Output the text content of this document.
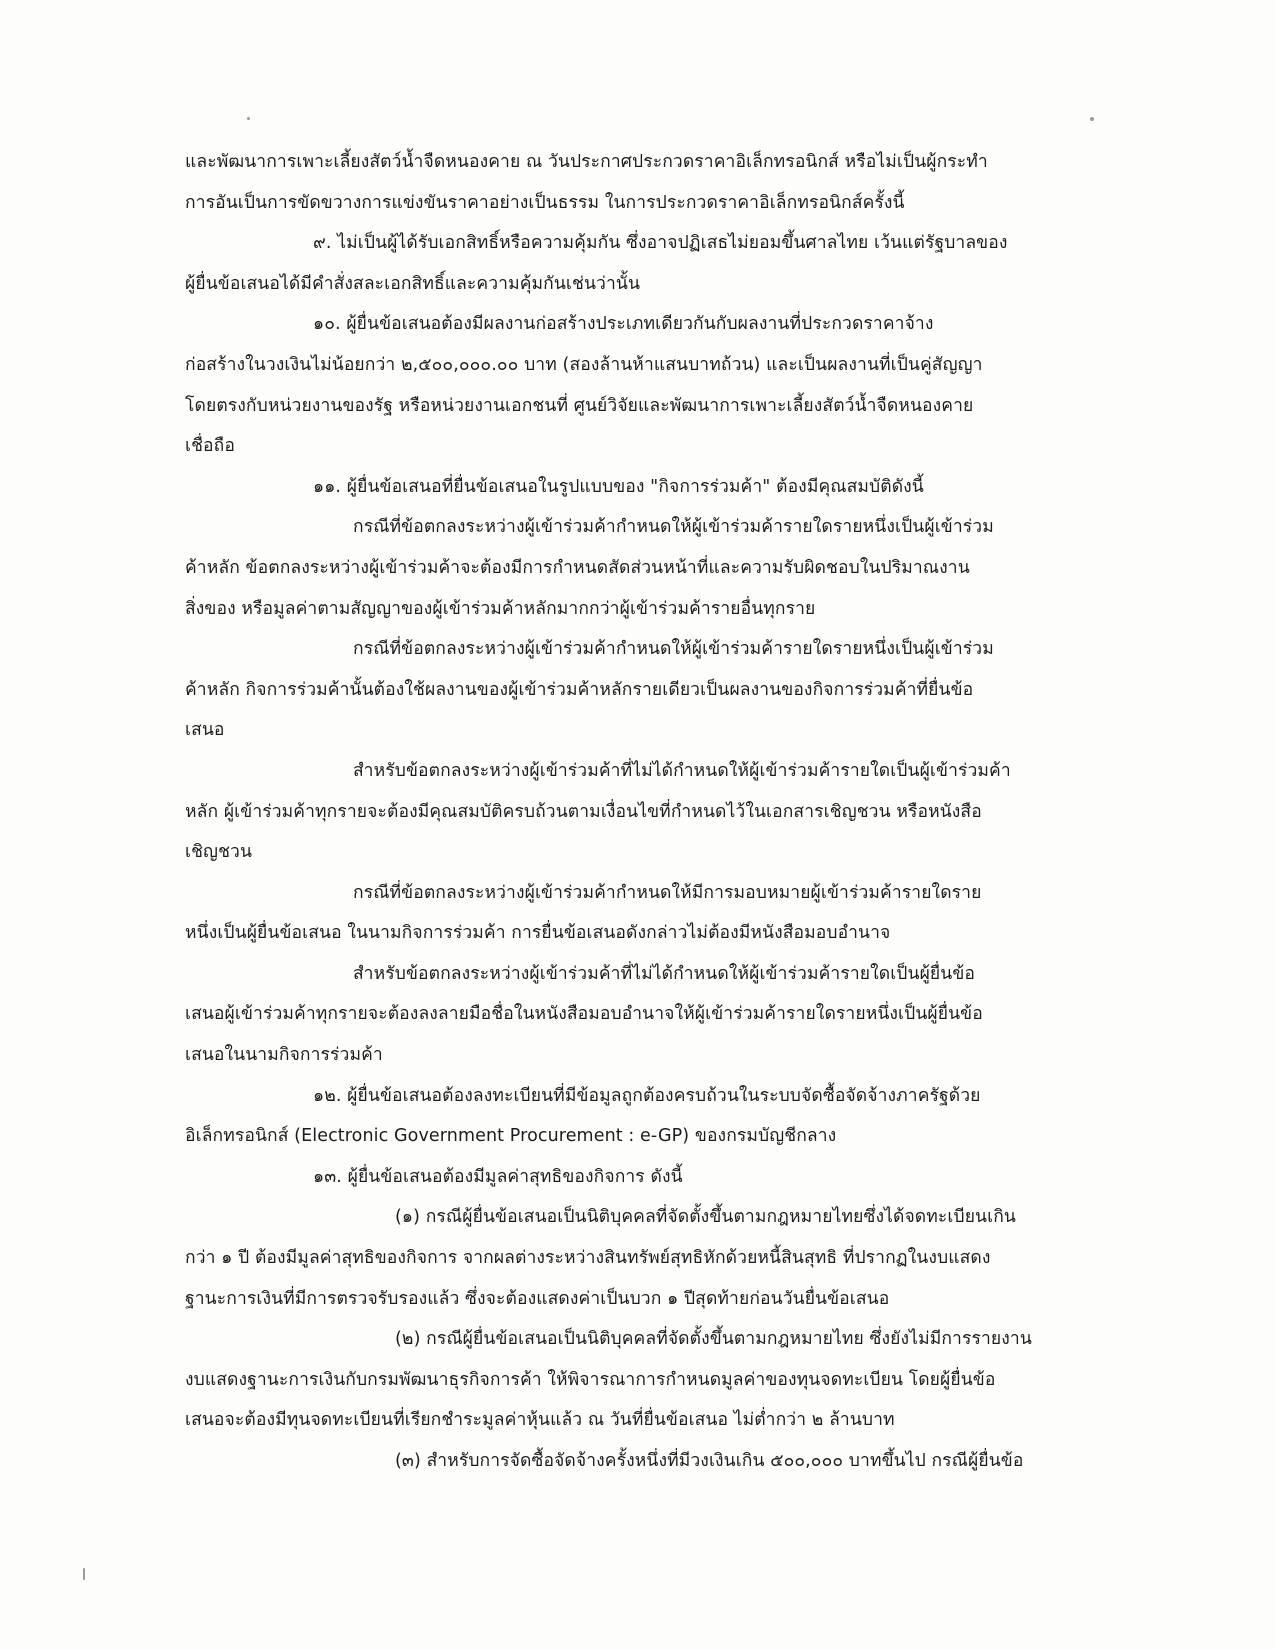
และพัฒนาการเพาะเลี้ยงสัตว์น้ำจืดหนองคาย ณ วันประกาศประกวดราคาอิเล็กทรอนิกส์ หรือไม่เป็นผู้กระทำ
การอันเป็นการขัดขวางการแข่งขันราคาอย่างเป็นธรรม ในการประกวดราคาอิเล็กทรอนิกส์ครั้งนี้
๙. ไม่เป็นผู้ได้รับเอกสิทธิ์หรือความคุ้มกัน ซึ่งอาจปฏิเสธไม่ยอมขึ้นศาลไทย เว้นแต่รัฐบาลของ
ผู้ยื่นข้อเสนอได้มีคำสั่งสละเอกสิทธิ์และความคุ้มกันเช่นว่านั้น
๑๐. ผู้ยื่นข้อเสนอต้องมีผลงานก่อสร้างประเภทเดียวกันกับผลงานที่ประกวดราคาจ้าง
ก่อสร้างในวงเงินไม่น้อยกว่า ๒,๕๐๐,๐๐๐.๐๐ บาท (สองล้านห้าแสนบาทถ้วน) และเป็นผลงานที่เป็นคู่สัญญา
โดยตรงกับหน่วยงานของรัฐ หรือหน่วยงานเอกชนที่ ศูนย์วิจัยและพัฒนาการเพาะเลี้ยงสัตว์น้ำจืดหนองคาย
เชื่อถือ
๑๑. ผู้ยื่นข้อเสนอที่ยื่นข้อเสนอในรูปแบบของ "กิจการร่วมค้า" ต้องมีคุณสมบัติดังนี้
กรณีที่ข้อตกลงระหว่างผู้เข้าร่วมค้ากำหนดให้ผู้เข้าร่วมค้ารายใดรายหนึ่งเป็นผู้เข้าร่วม
ค้าหลัก ข้อตกลงระหว่างผู้เข้าร่วมค้าจะต้องมีการกำหนดสัดส่วนหน้าที่และความรับผิดชอบในปริมาณงาน
สิ่งของ หรือมูลค่าตามสัญญาของผู้เข้าร่วมค้าหลักมากกว่าผู้เข้าร่วมค้ารายอื่นทุกราย
กรณีที่ข้อตกลงระหว่างผู้เข้าร่วมค้ากำหนดให้ผู้เข้าร่วมค้ารายใดรายหนึ่งเป็นผู้เข้าร่วม
ค้าหลัก กิจการร่วมค้านั้นต้องใช้ผลงานของผู้เข้าร่วมค้าหลักรายเดียวเป็นผลงานของกิจการร่วมค้าที่ยื่นข้อ
เสนอ
สำหรับข้อตกลงระหว่างผู้เข้าร่วมค้าที่ไม่ได้กำหนดให้ผู้เข้าร่วมค้ารายใดเป็นผู้เข้าร่วมค้า
หลัก ผู้เข้าร่วมค้าทุกรายจะต้องมีคุณสมบัติครบถ้วนตามเงื่อนไขที่กำหนดไว้ในเอกสารเชิญชวน หรือหนังสือ
เชิญชวน
กรณีที่ข้อตกลงระหว่างผู้เข้าร่วมค้ากำหนดให้มีการมอบหมายผู้เข้าร่วมค้ารายใดราย
หนึ่งเป็นผู้ยื่นข้อเสนอ ในนามกิจการร่วมค้า การยื่นข้อเสนอดังกล่าวไม่ต้องมีหนังสือมอบอำนาจ
สำหรับข้อตกลงระหว่างผู้เข้าร่วมค้าที่ไม่ได้กำหนดให้ผู้เข้าร่วมค้ารายใดเป็นผู้ยื่นข้อ
เสนอผู้เข้าร่วมค้าทุกรายจะต้องลงลายมือชื่อในหนังสือมอบอำนาจให้ผู้เข้าร่วมค้ารายใดรายหนึ่งเป็นผู้ยื่นข้อ
เสนอในนามกิจการร่วมค้า
๑๒. ผู้ยื่นข้อเสนอต้องลงทะเบียนที่มีข้อมูลถูกต้องครบถ้วนในระบบจัดซื้อจัดจ้างภาครัฐด้วย
อิเล็กทรอนิกส์ (Electronic Government Procurement : e-GP) ของกรมบัญชีกลาง
๑๓. ผู้ยื่นข้อเสนอต้องมีมูลค่าสุทธิของกิจการ ดังนี้
(๑) กรณีผู้ยื่นข้อเสนอเป็นนิติบุคคลที่จัดตั้งขึ้นตามกฎหมายไทยซึ่งได้จดทะเบียนเกิน
กว่า ๑ ปี ต้องมีมูลค่าสุทธิของกิจการ จากผลต่างระหว่างสินทรัพย์สุทธิหักด้วยหนี้สินสุทธิ ที่ปรากฏในงบแสดง
ฐานะการเงินที่มีการตรวจรับรองแล้ว ซึ่งจะต้องแสดงค่าเป็นบวก ๑ ปีสุดท้ายก่อนวันยื่นข้อเสนอ
(๒) กรณีผู้ยื่นข้อเสนอเป็นนิติบุคคลที่จัดตั้งขึ้นตามกฎหมายไทย ซึ่งยังไม่มีการรายงาน
งบแสดงฐานะการเงินกับกรมพัฒนาธุรกิจการค้า ให้พิจารณาการกำหนดมูลค่าของทุนจดทะเบียน โดยผู้ยื่นข้อ
เสนอจะต้องมีทุนจดทะเบียนที่เรียกชำระมูลค่าหุ้นแล้ว ณ วันที่ยื่นข้อเสนอ ไม่ต่ำกว่า ๒ ล้านบาท
(๓) สำหรับการจัดซื้อจัดจ้างครั้งหนึ่งที่มีวงเงินเกิน ๕๐๐,๐๐๐ บาทขึ้นไป กรณีผู้ยื่นข้อ
